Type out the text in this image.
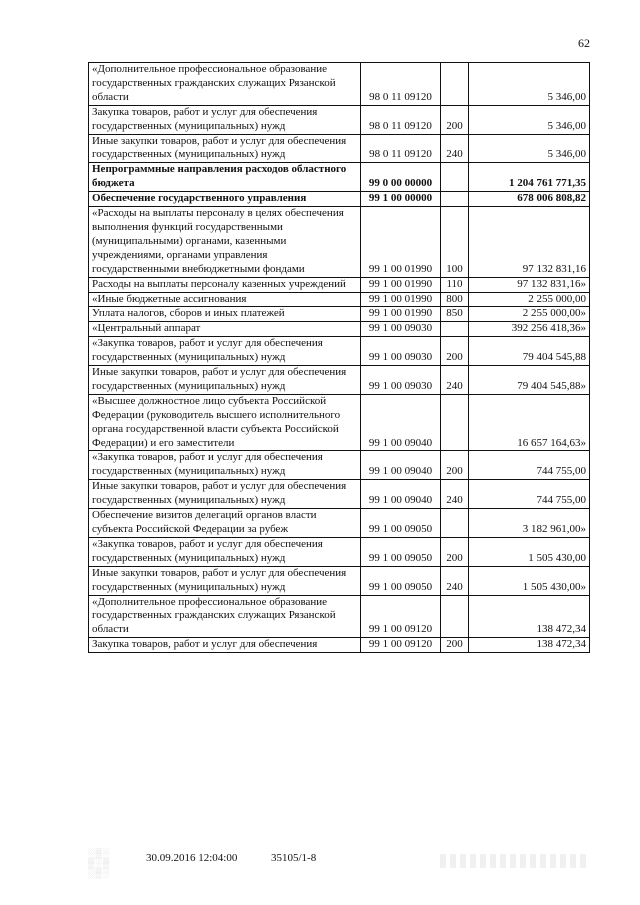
62
«Дополнительное профессиональное образование государственных гражданских служащих Рязанской области	98 0 11 09120		5 346,00
Закупка товаров, работ и услуг для обеспечения государственных (муниципальных) нужд	98 0 11 09120	200	5 346,00
Иные закупки товаров, работ и услуг для обеспечения государственных (муниципальных) нужд	98 0 11 09120	240	5 346,00
Непрограммные направления расходов областного бюджета	99 0 00 00000		1 204 761 771,35
Обеспечение государственного управления	99 1 00 00000		678 006 808,82
«Расходы на выплаты персоналу в целях обеспечения выполнения функций государственными (муниципальными) органами, казенными учреждениями, органами управления государственными внебюджетными фондами	99 1 00 01990	100	97 132 831,16
Расходы на выплаты персоналу казенных учреждений	99 1 00 01990	110	97 132 831,16»
«Иные бюджетные ассигнования	99 1 00 01990	800	2 255 000,00
Уплата налогов, сборов и иных платежей	99 1 00 01990	850	2 255 000,00»
«Центральный аппарат	99 1 00 09030		392 256 418,36»
«Закупка товаров, работ и услуг для обеспечения государственных (муниципальных) нужд	99 1 00 09030	200	79 404 545,88
Иные закупки товаров, работ и услуг для обеспечения государственных (муниципальных) нужд	99 1 00 09030	240	79 404 545,88»
«Высшее должностное лицо субъекта Российской Федерации (руководитель высшего исполнительного органа государственной власти субъекта Российской Федерации) и его заместители	99 1 00 09040		16 657 164,63»
«Закупка товаров, работ и услуг для обеспечения государственных (муниципальных) нужд	99 1 00 09040	200	744 755,00
Иные закупки товаров, работ и услуг для обеспечения государственных (муниципальных) нужд	99 1 00 09040	240	744 755,00
Обеспечение визитов делегаций органов власти субъекта Российской Федерации за рубеж	99 1 00 09050		3 182 961,00»
«Закупка товаров, работ и услуг для обеспечения государственных (муниципальных) нужд	99 1 00 09050	200	1 505 430,00
Иные закупки товаров, работ и услуг для обеспечения государственных (муниципальных) нужд	99 1 00 09050	240	1 505 430,00»
«Дополнительное профессиональное образование государственных гражданских служащих Рязанской области	99 1 00 09120		138 472,34
Закупка товаров, работ и услуг для обеспечения	99 1 00 09120	200	138 472,34
░▒░
▒░▒
░▒░
30.09.2016 12:04:00	35105/1-8
